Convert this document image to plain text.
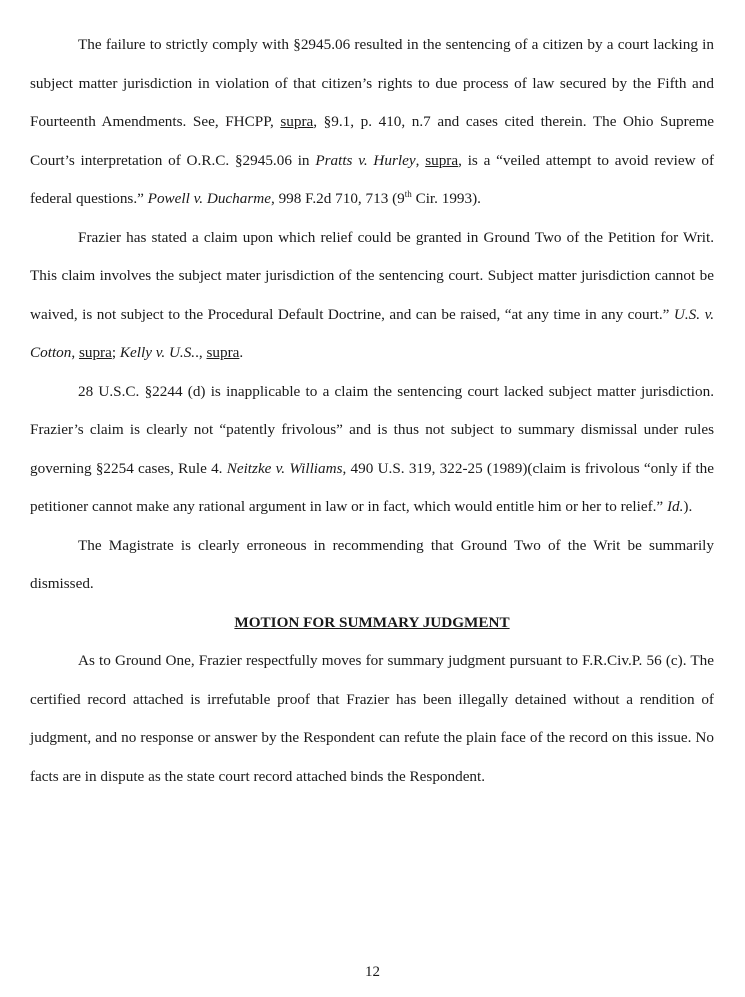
The failure to strictly comply with §2945.06 resulted in the sentencing of a citizen by a court lacking in subject matter jurisdiction in violation of that citizen’s rights to due process of law secured by the Fifth and Fourteenth Amendments. See, FHCPP, supra, §9.1, p. 410, n.7 and cases cited therein. The Ohio Supreme Court’s interpretation of O.R.C. §2945.06 in Pratts v. Hurley, supra, is a “veiled attempt to avoid review of federal questions.” Powell v. Ducharme, 998 F.2d 710, 713 (9th Cir. 1993).

Frazier has stated a claim upon which relief could be granted in Ground Two of the Petition for Writ. This claim involves the subject mater jurisdiction of the sentencing court. Subject matter jurisdiction cannot be waived, is not subject to the Procedural Default Doctrine, and can be raised, “at any time in any court.” U.S. v. Cotton, supra; Kelly v. U.S.., supra.

28 U.S.C. §2244 (d) is inapplicable to a claim the sentencing court lacked subject matter jurisdiction. Frazier’s claim is clearly not “patently frivolous” and is thus not subject to summary dismissal under rules governing §2254 cases, Rule 4. Neitzke v. Williams, 490 U.S. 319, 322-25 (1989)(claim is frivolous “only if the petitioner cannot make any rational argument in law or in fact, which would entitle him or her to relief.” Id.).

The Magistrate is clearly erroneous in recommending that Ground Two of the Writ be summarily dismissed.

MOTION FOR SUMMARY JUDGMENT

As to Ground One, Frazier respectfully moves for summary judgment pursuant to F.R.Civ.P. 56 (c). The certified record attached is irrefutable proof that Frazier has been illegally detained without a rendition of judgment, and no response or answer by the Respondent can refute the plain face of the record on this issue. No facts are in dispute as the state court record attached binds the Respondent.

12
